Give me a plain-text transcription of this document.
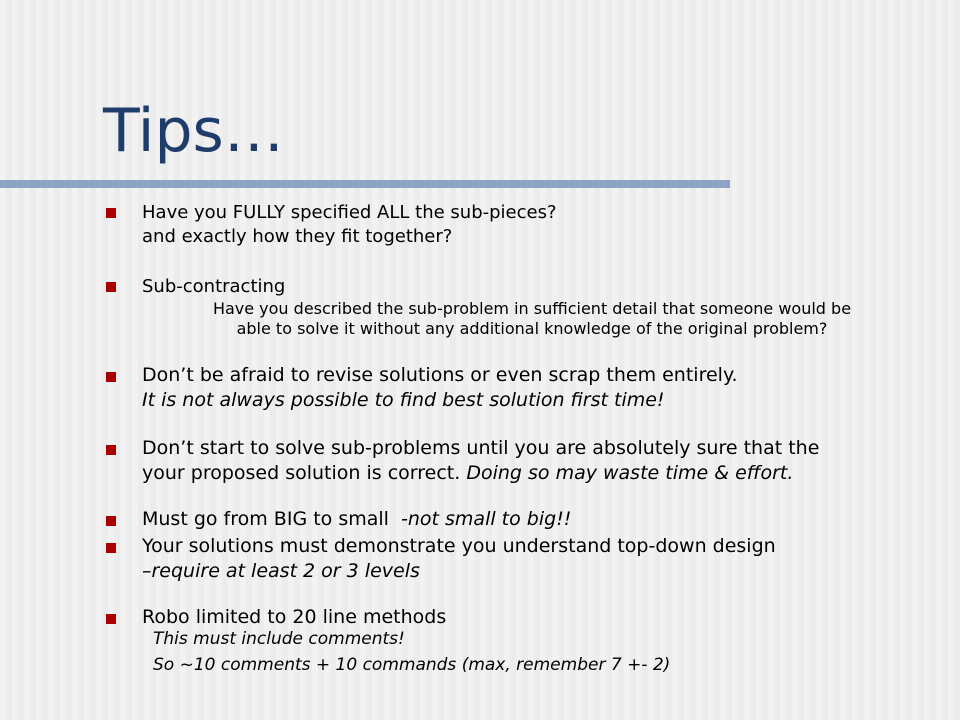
Tips…
Have you FULLY specified ALL the sub-pieces?
and exactly how they fit together?
Sub-contracting
Have you described the sub-problem in sufficient detail that someone would be
able to solve it without any additional knowledge of the original problem?
Don’t be afraid to revise solutions or even scrap them entirely.
It is not always possible to find best solution first time!
Don’t start to solve sub-problems until you are absolutely sure that the
your proposed solution is correct. Doing so may waste time & effort.
Must go from BIG to small  -not small to big!!
Your solutions must demonstrate you understand top-down design
–require at least 2 or 3 levels
Robo limited to 20 line methods
This must include comments!
So ~10 comments + 10 commands (max, remember 7 +- 2)
